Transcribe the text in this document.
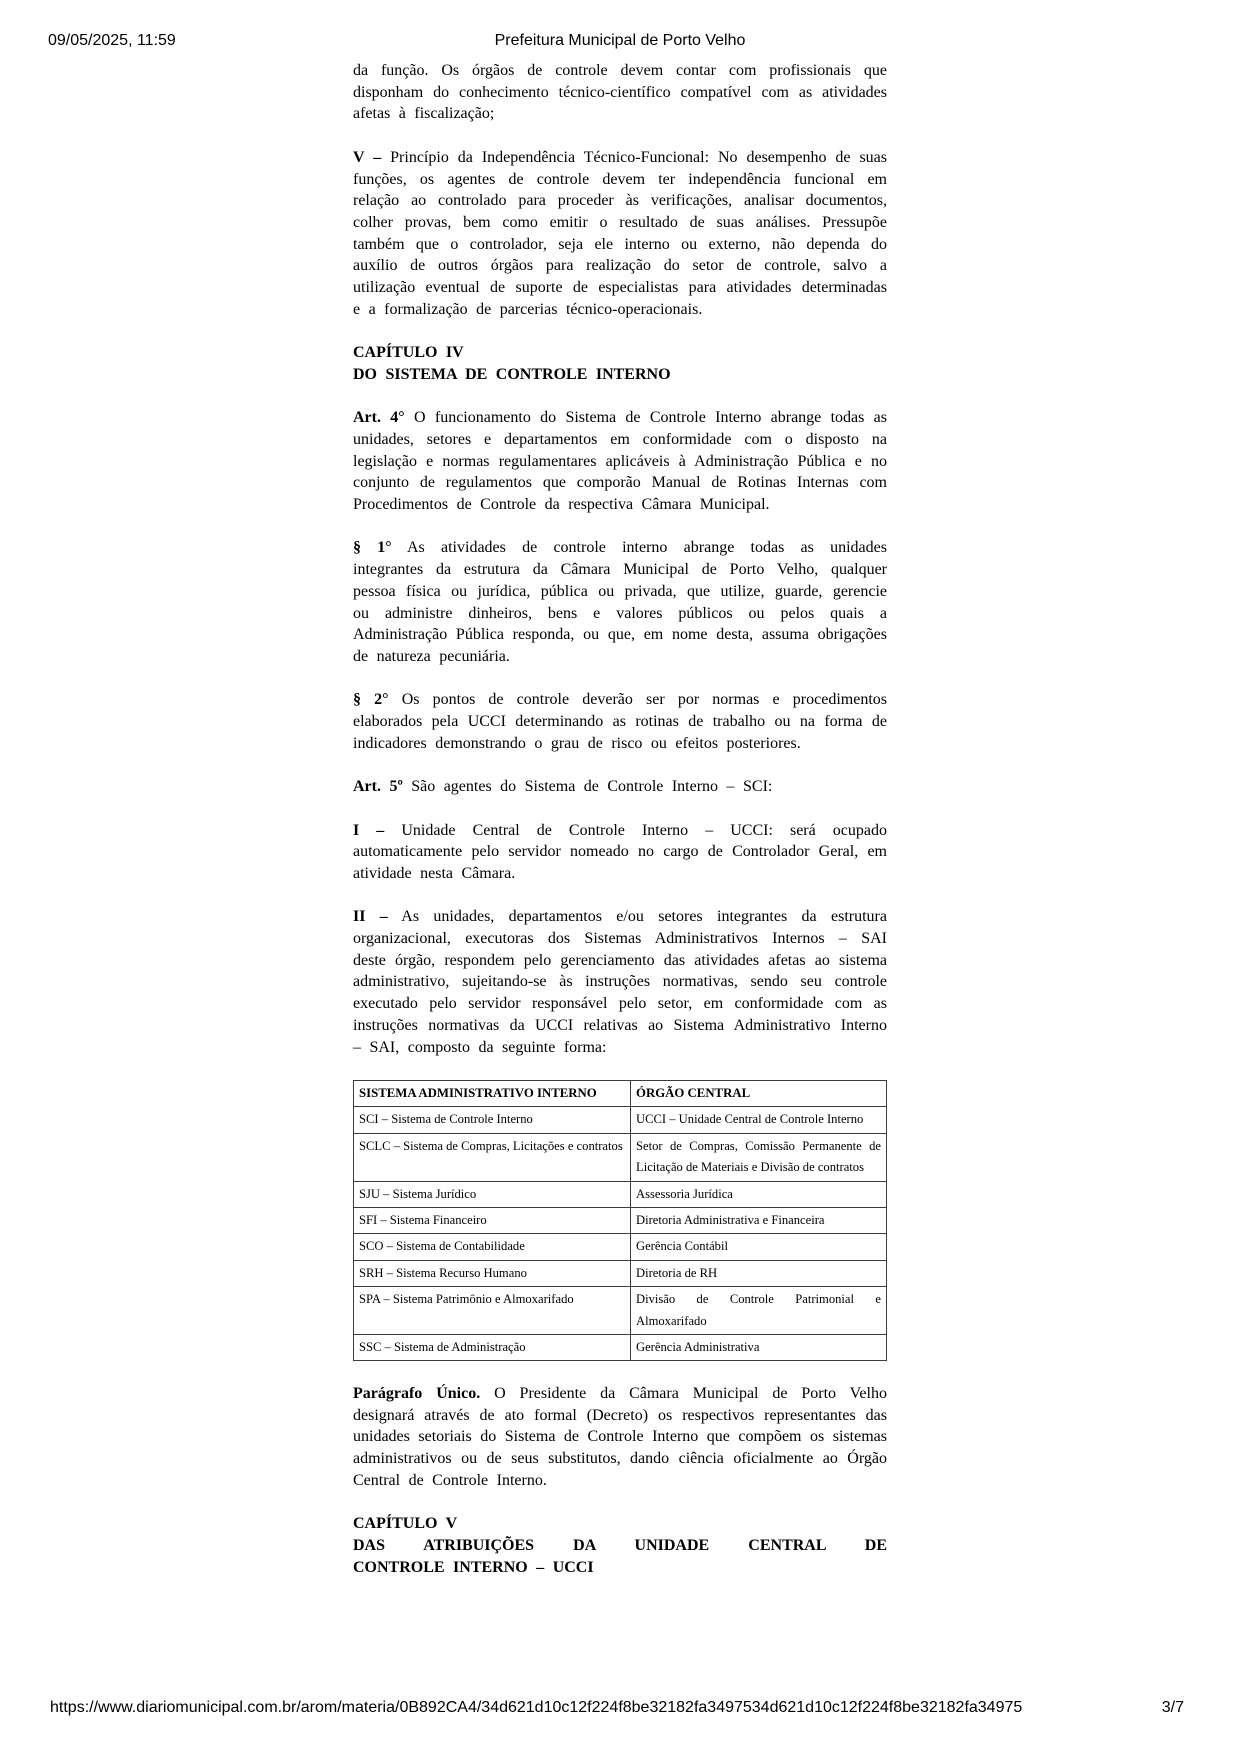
09/05/2025, 11:59	Prefeitura Municipal de Porto Velho

da função. Os órgãos de controle devem contar com profissionais que disponham do conhecimento técnico-científico compatível com as atividades afetas à fiscalização;

V – Princípio da Independência Técnico-Funcional: No desempenho de suas funções, os agentes de controle devem ter independência funcional em relação ao controlado para proceder às verificações, analisar documentos, colher provas, bem como emitir o resultado de suas análises. Pressupõe também que o controlador, seja ele interno ou externo, não dependa do auxílio de outros órgãos para realização do setor de controle, salvo a utilização eventual de suporte de especialistas para atividades determinadas e a formalização de parcerias técnico-operacionais.

CAPÍTULO IV
DO SISTEMA DE CONTROLE INTERNO

Art. 4° O funcionamento do Sistema de Controle Interno abrange todas as unidades, setores e departamentos em conformidade com o disposto na legislação e normas regulamentares aplicáveis à Administração Pública e no conjunto de regulamentos que comporão Manual de Rotinas Internas com Procedimentos de Controle da respectiva Câmara Municipal.

§ 1° As atividades de controle interno abrange todas as unidades integrantes da estrutura da Câmara Municipal de Porto Velho, qualquer pessoa física ou jurídica, pública ou privada, que utilize, guarde, gerencie ou administre dinheiros, bens e valores públicos ou pelos quais a Administração Pública responda, ou que, em nome desta, assuma obrigações de natureza pecuniária.

§ 2° Os pontos de controle deverão ser por normas e procedimentos elaborados pela UCCI determinando as rotinas de trabalho ou na forma de indicadores demonstrando o grau de risco ou efeitos posteriores.

Art. 5º São agentes do Sistema de Controle Interno – SCI:

I – Unidade Central de Controle Interno – UCCI: será ocupado automaticamente pelo servidor nomeado no cargo de Controlador Geral, em atividade nesta Câmara.

II – As unidades, departamentos e/ou setores integrantes da estrutura organizacional, executoras dos Sistemas Administrativos Internos – SAI deste órgão, respondem pelo gerenciamento das atividades afetas ao sistema administrativo, sujeitando-se às instruções normativas, sendo seu controle executado pelo servidor responsável pelo setor, em conformidade com as instruções normativas da UCCI relativas ao Sistema Administrativo Interno – SAI, composto da seguinte forma:

SISTEMA ADMINISTRATIVO INTERNO	ÓRGÃO CENTRAL
SCI – Sistema de Controle Interno	UCCI – Unidade Central de Controle Interno
SCLC – Sistema de Compras, Licitações e contratos	Setor de Compras, Comissão Permanente de Licitação de Materiais e Divisão de contratos
SJU – Sistema Jurídico	Assessoria Jurídica
SFI – Sistema Financeiro	Diretoria Administrativa e Financeira
SCO – Sistema de Contabilidade	Gerência Contábil
SRH – Sistema Recurso Humano	Diretoria de RH
SPA – Sistema Patrimônio e Almoxarifado	Divisão de Controle Patrimonial e Almoxarifado
SSC – Sistema de Administração	Gerência Administrativa

Parágrafo Único. O Presidente da Câmara Municipal de Porto Velho designará através de ato formal (Decreto) os respectivos representantes das unidades setoriais do Sistema de Controle Interno que compõem os sistemas administrativos ou de seus substitutos, dando ciência oficialmente ao Órgão Central de Controle Interno.

CAPÍTULO V
DAS ATRIBUIÇÕES DA UNIDADE CENTRAL DE
CONTROLE INTERNO – UCCI
https://www.diariomunicipal.com.br/arom/materia/0B892CA4/34d621d10c12f224f8be32182fa3497534d621d10c12f224f8be32182fa34975	3/7
